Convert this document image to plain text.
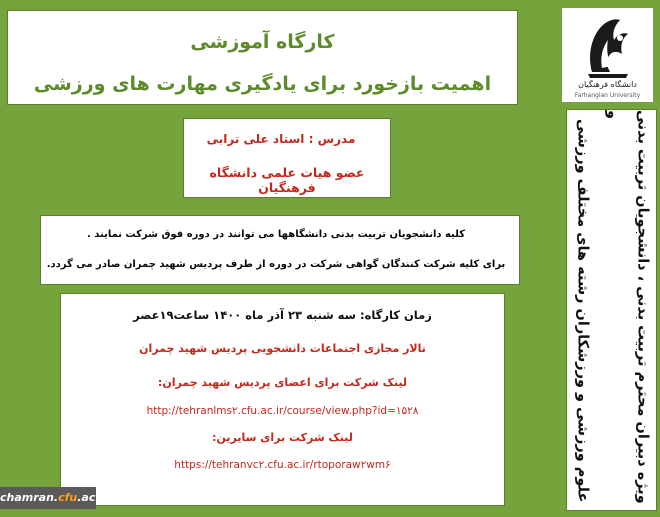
کارگاه آموزشی
اهمیت بازخورد برای یادگیری مهارت های ورزشی	دانشگاه فرهنگیان
Farhangian University
مدرس : استاد علی ترابی
عضو هیات علمی دانشگاه فرهنگیان
کلیه دانشجویان تربیت بدنی دانشگاهها می توانند در دوره فوق شرکت نمایند .
برای کلیه شرکت کنندگان گواهی شرکت در دوره از طرف پردیس شهید چمران صادر می گردد.
زمان کارگاه: سه شنبه ۲۳ آذر ماه ۱۴۰۰ ساعت۱۹عصر
تالار مجازی اجتماعات دانشجویی پردیس شهید چمران
لینک شرکت برای اعضای پردیس شهید چمران:
http://tehranlms۲.cfu.ac.ir/course/view.php?id=۱۵۲۸
لینک شرکت برای سایرین:
https://tehranvc۲.cfu.ac.ir/rtoporaw۲wm۶	ویژه دبیران محترم تربیت بدنی ، دانشجویان تربیت بدنی و
علوم ورزشی و ورزشکاران رشته های مختلف ورزشی
chamran.cfu.ac.ir
